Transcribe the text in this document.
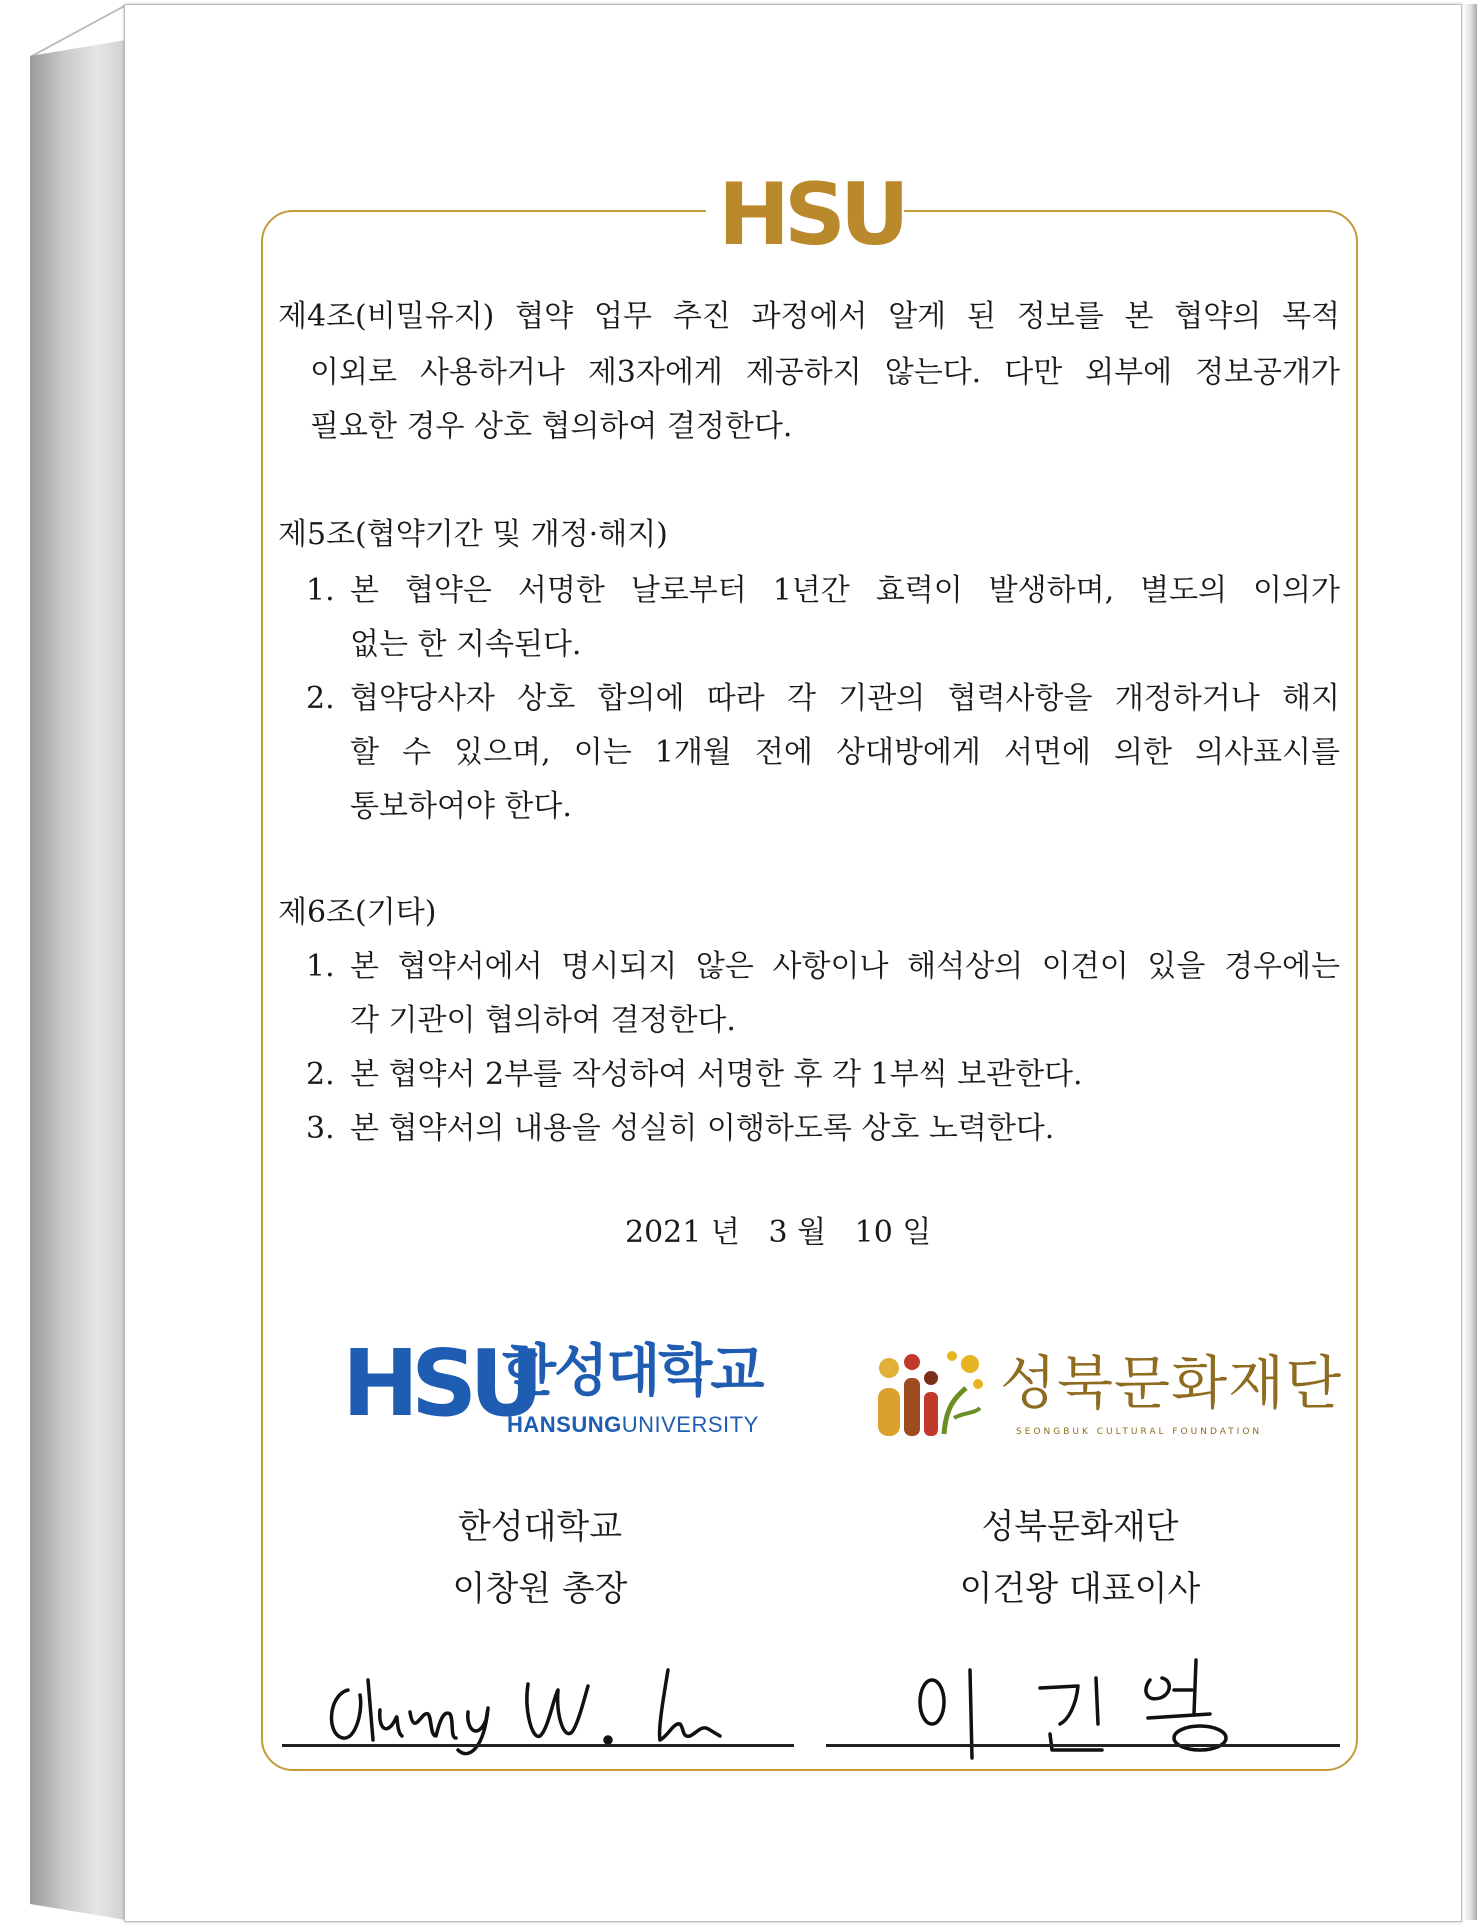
HSU
제4조(비밀유지) 협약 업무 추진 과정에서 알게 된 정보를 본 협약의 목적
이외로 사용하거나 제3자에게 제공하지 않는다. 다만 외부에 정보공개가
필요한 경우 상호 협의하여 결정한다.
제5조(협약기간 및 개정·해지)
1. 본 협약은 서명한 날로부터 1년간 효력이 발생하며, 별도의 이의가
없는 한 지속된다.
2. 협약당사자 상호 합의에 따라 각 기관의 협력사항을 개정하거나 해지
할 수 있으며, 이는 1개월 전에 상대방에게 서면에 의한 의사표시를
통보하여야 한다.
제6조(기타)
1. 본 협약서에서 명시되지 않은 사항이나 해석상의 이견이 있을 경우에는
각 기관이 협의하여 결정한다.
2. 본 협약서 2부를 작성하여 서명한 후 각 1부씩 보관한다.
3. 본 협약서의 내용을 성실히 이행하도록 상호 노력한다.
2021 년   3 월   10 일
HSU
한성대학교
HANSUNGUNIVERSITY
성북문화재단
SEONGBUK CULTURAL FOUNDATION
한성대학교
이창원 총장
성북문화재단
이건왕 대표이사
